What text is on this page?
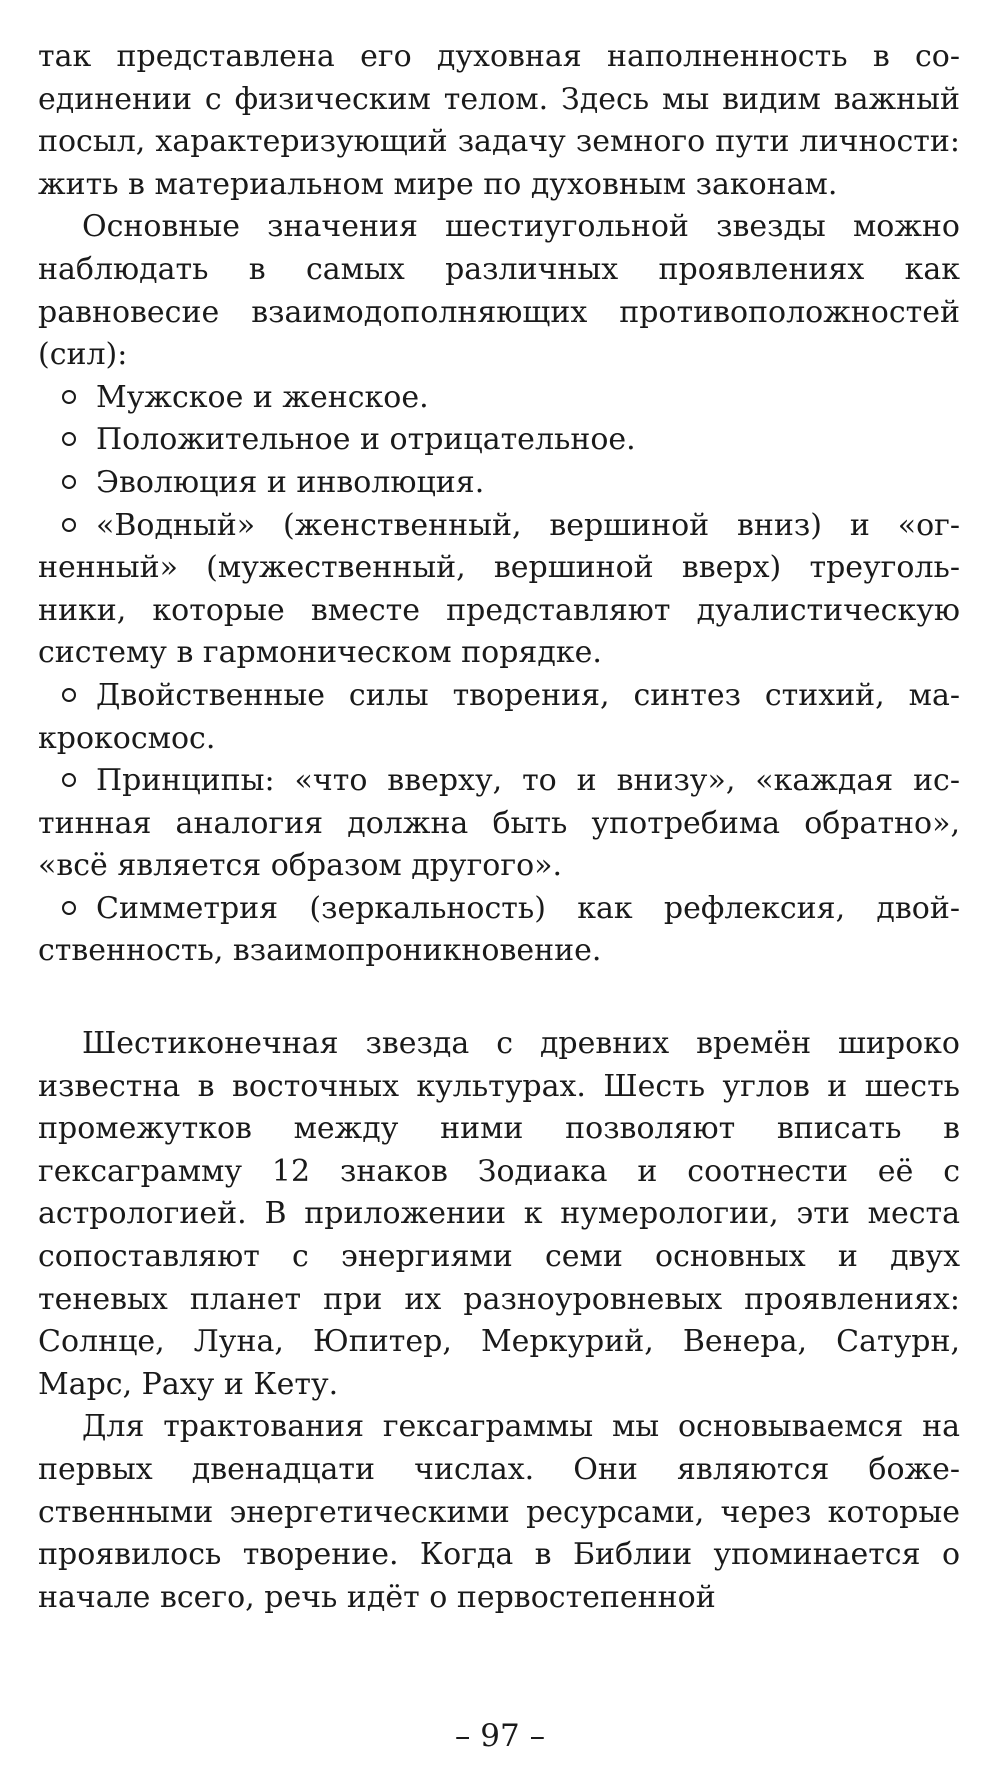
так представлена его духовная наполненность в соединении с физическим телом. Здесь мы видим важный посыл, характеризующий задачу земного пути личности: жить в материальном мире по духовным законам.

Основные значения шестиугольной звезды можно наблюдать в самых различных проявлениях как равновесие взаимодополняющих противоположностей (сил):

Мужское и женское.

Положительное и отрицательное.

Эволюция и инволюция.

«Водный» (женственный, вершиной вниз) и «огненный» (мужественный, вершиной вверх) треугольники, которые вместе представляют дуалистическую систему в гармоническом порядке.

Двойственные силы творения, синтез стихий, макрокосмос.

Принципы: «что вверху, то и внизу», «каждая истинная аналогия должна быть употребима обратно», «всё является образом другого».

Симметрия (зеркальность) как рефлексия, двойственность, взаимопроникновение.

Шестиконечная звезда с древних времён широко известна в восточных культурах. Шесть углов и шесть промежутков между ними позволяют вписать в гексаграмму 12 знаков Зодиака и соотнести её с астрологией. В приложении к нумерологии, эти места сопоставляют с энергиями семи основных и двух теневых планет при их разноуровневых проявлениях: Солнце, Луна, Юпитер, Меркурий, Венера, Сатурн, Марс, Раху и Кету.

Для трактования гексаграммы мы основываемся на первых двенадцати числах. Они являются божественными энергетическими ресурсами, через которые проявилось творение. Когда в Библии упоминается о начале всего, речь идёт о первостепенной

– 97 –
